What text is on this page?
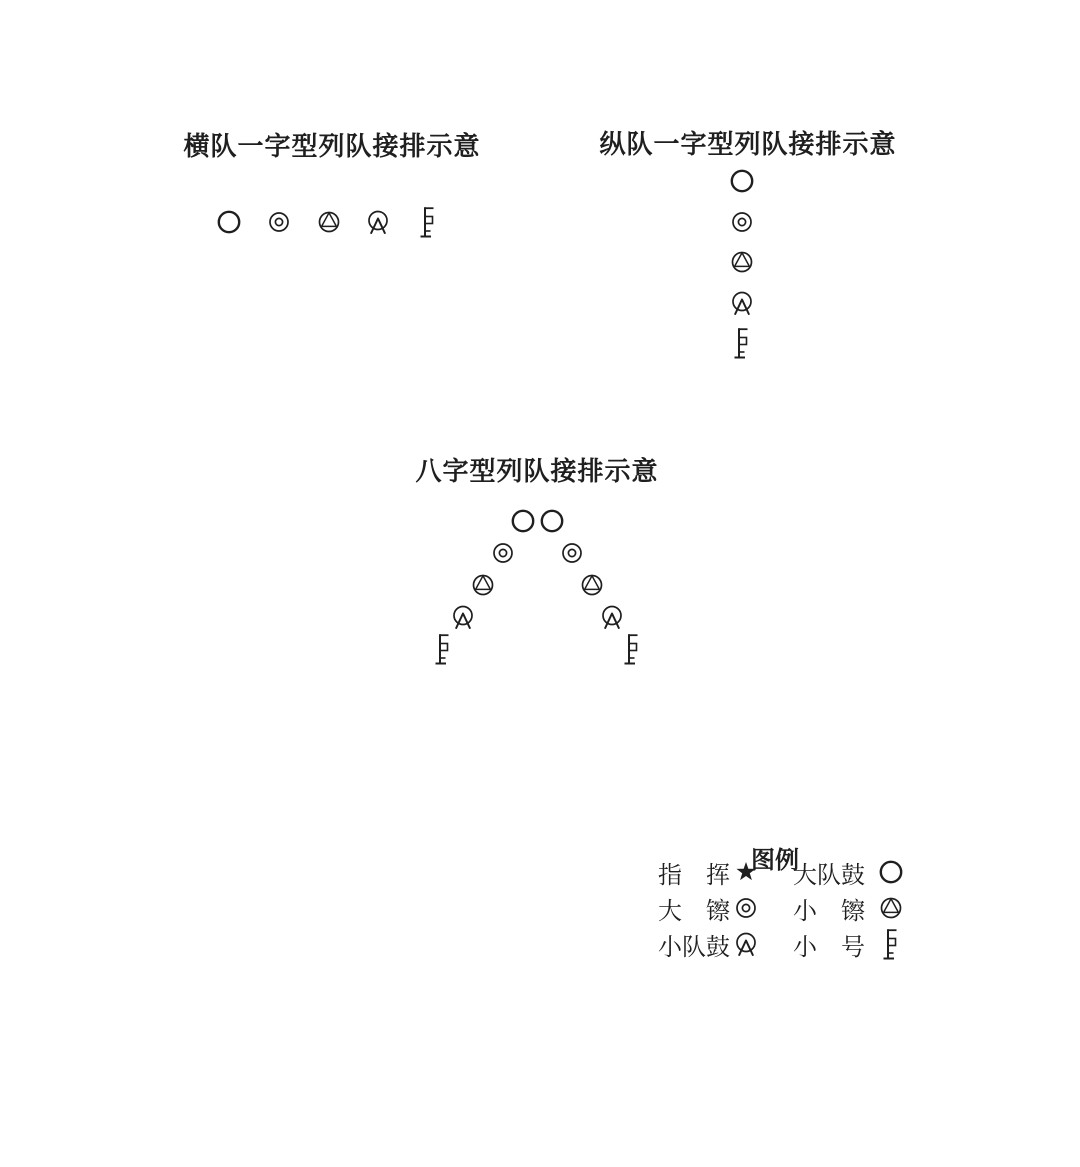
横队一字型列队接排示意	纵队一字型列队接排示意
八字型列队接排示意
图例
指　挥	大队鼓
大　镲	小　镲
小队鼓	小　号
